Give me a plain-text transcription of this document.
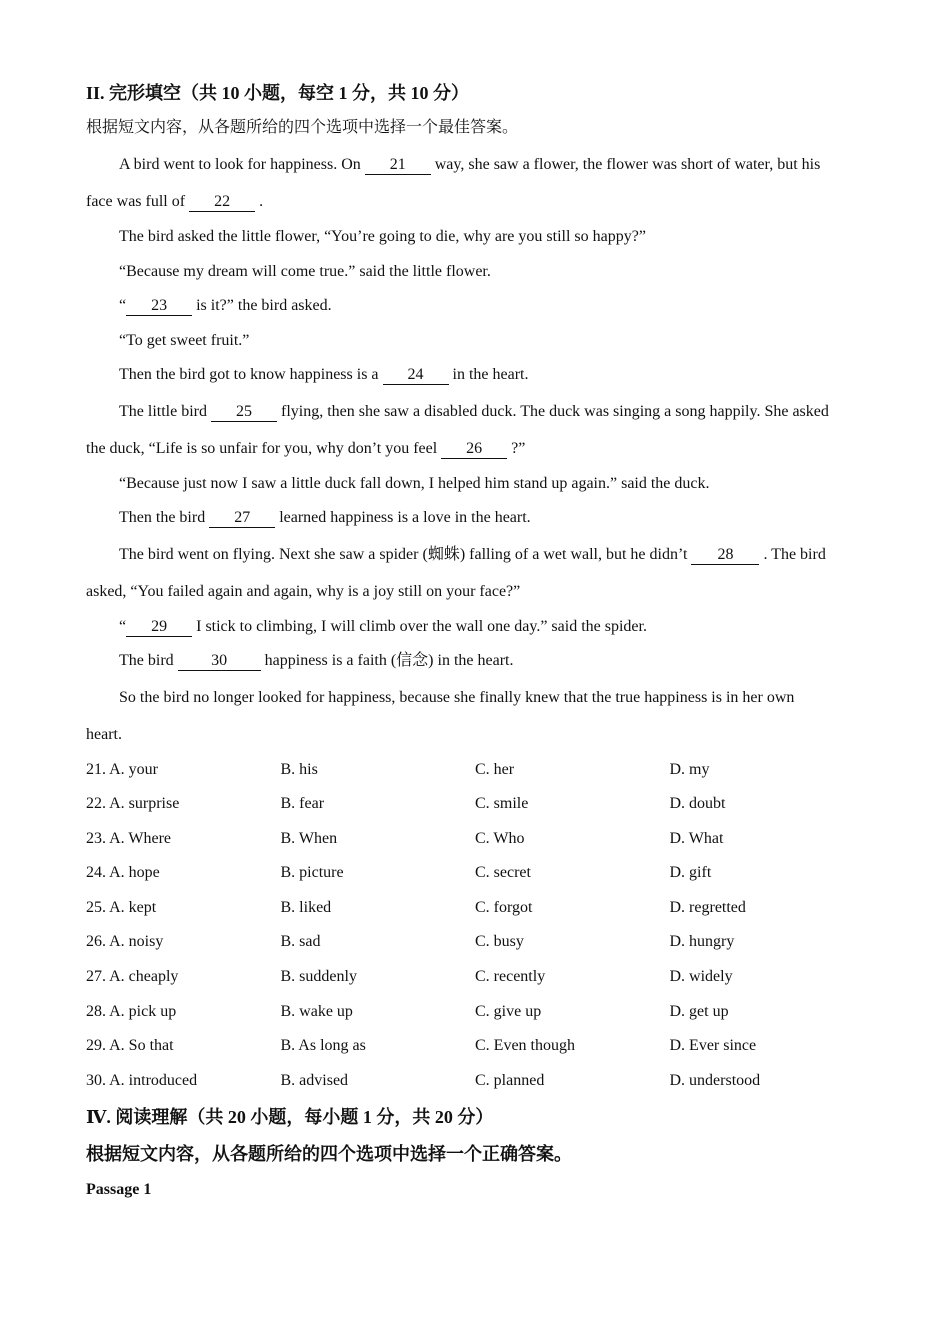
II. 完形填空（共 10 小题，每空 1 分，共 10 分）
根据短文内容，从各题所给的四个选项中选择一个最佳答案。
A bird went to look for happiness. On 21 way, she saw a flower, the flower was short of water, but his
face was full of 22 .
The bird asked the little flower, “You’re going to die, why are you still so happy?”
“Because my dream will come true.” said the little flower.
“ 23 is it?” the bird asked.
“To get sweet fruit.”
Then the bird got to know happiness is a 24 in the heart.
The little bird 25 flying, then she saw a disabled duck. The duck was singing a song happily. She asked
the duck, “Life is so unfair for you, why don’t you feel 26 ?”
“Because just now I saw a little duck fall down, I helped him stand up again.” said the duck.
Then the bird 27 learned happiness is a love in the heart.
The bird went on flying. Next she saw a spider (蜘蛛) falling of a wet wall, but he didn’t 28 . The bird
asked, “You failed again and again, why is a joy still on your face?”
“ 29 I stick to climbing, I will climb over the wall one day.” said the spider.
The bird 30 happiness is a faith (信念) in the heart.
So the bird no longer looked for happiness, because she finally knew that the true happiness is in her own
heart.
21. A. your	B. his	C. her	D. my
22. A. surprise	B. fear	C. smile	D. doubt
23. A. Where	B. When	C. Who	D. What
24. A. hope	B. picture	C. secret	D. gift
25. A. kept	B. liked	C. forgot	D. regretted
26. A. noisy	B. sad	C. busy	D. hungry
27. A. cheaply	B. suddenly	C. recently	D. widely
28. A. pick up	B. wake up	C. give up	D. get up
29. A. So that	B. As long as	C. Even though	D. Ever since
30. A. introduced	B. advised	C. planned	D. understood
Ⅳ. 阅读理解（共 20 小题，每小题 1 分，共 20 分）
根据短文内容，从各题所给的四个选项中选择一个正确答案。
Passage 1
